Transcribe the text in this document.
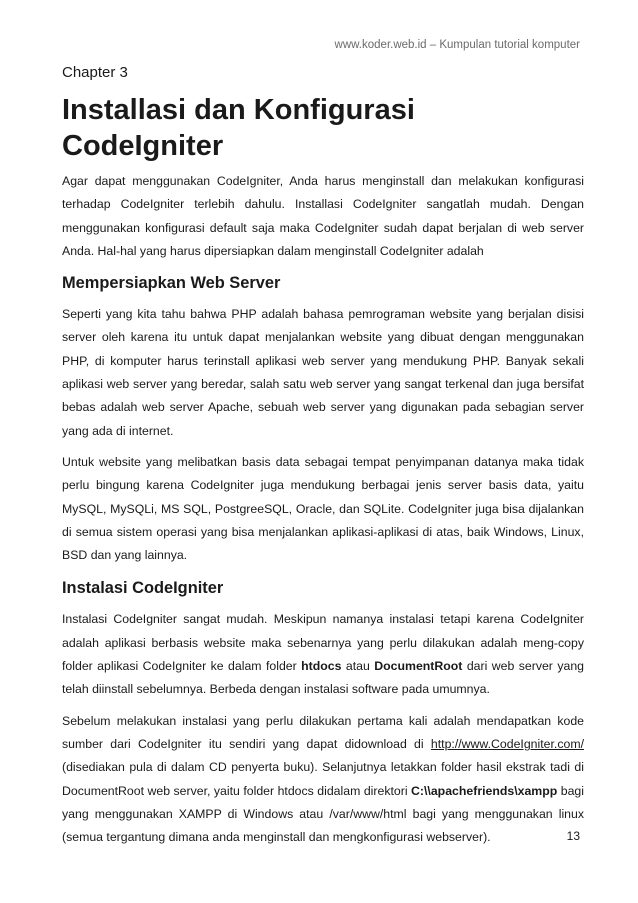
www.koder.web.id – Kumpulan tutorial komputer
Chapter 3
Installasi dan Konfigurasi
CodeIgniter

Agar dapat menggunakan CodeIgniter, Anda harus menginstall dan melakukan konfigurasi terhadap CodeIgniter terlebih dahulu. Installasi CodeIgniter sangatlah mudah. Dengan menggunakan konfigurasi default saja maka CodeIgniter sudah dapat berjalan di web server Anda. Hal-hal yang harus dipersiapkan dalam menginstall CodeIgniter adalah

Mempersiapkan Web Server

Seperti yang kita tahu bahwa PHP adalah bahasa pemrograman website yang berjalan disisi server oleh karena itu untuk dapat menjalankan website yang dibuat dengan menggunakan PHP, di komputer harus terinstall aplikasi web server yang mendukung PHP. Banyak sekali aplikasi web server yang beredar, salah satu web server yang sangat terkenal dan juga bersifat bebas adalah web server Apache, sebuah web server yang digunakan pada sebagian server yang ada di internet.

Untuk website yang melibatkan basis data sebagai tempat penyimpanan datanya maka tidak perlu bingung karena CodeIgniter juga mendukung berbagai jenis server basis data, yaitu MySQL, MySQLi, MS SQL, PostgreeSQL, Oracle, dan SQLite. CodeIgniter juga bisa dijalankan di semua sistem operasi yang bisa menjalankan aplikasi-aplikasi di atas, baik Windows, Linux, BSD dan yang lainnya.

Instalasi CodeIgniter

Instalasi CodeIgniter sangat mudah. Meskipun namanya instalasi tetapi karena CodeIgniter adalah aplikasi berbasis website maka sebenarnya yang perlu dilakukan adalah meng-copy folder aplikasi CodeIgniter ke dalam folder htdocs atau DocumentRoot dari web server yang telah diinstall sebelumnya. Berbeda dengan instalasi software pada umumnya.

Sebelum melakukan instalasi yang perlu dilakukan pertama kali adalah mendapatkan kode sumber dari CodeIgniter itu sendiri yang dapat didownload di http://www.CodeIgniter.com/ (disediakan pula di dalam CD penyerta buku). Selanjutnya letakkan folder hasil ekstrak tadi di DocumentRoot web server, yaitu folder htdocs didalam direktori C:\\apachefriends\xampp bagi yang menggunakan XAMPP di Windows atau /var/www/html bagi yang menggunakan linux (semua tergantung dimana anda menginstall dan mengkonfigurasi webserver).	13
